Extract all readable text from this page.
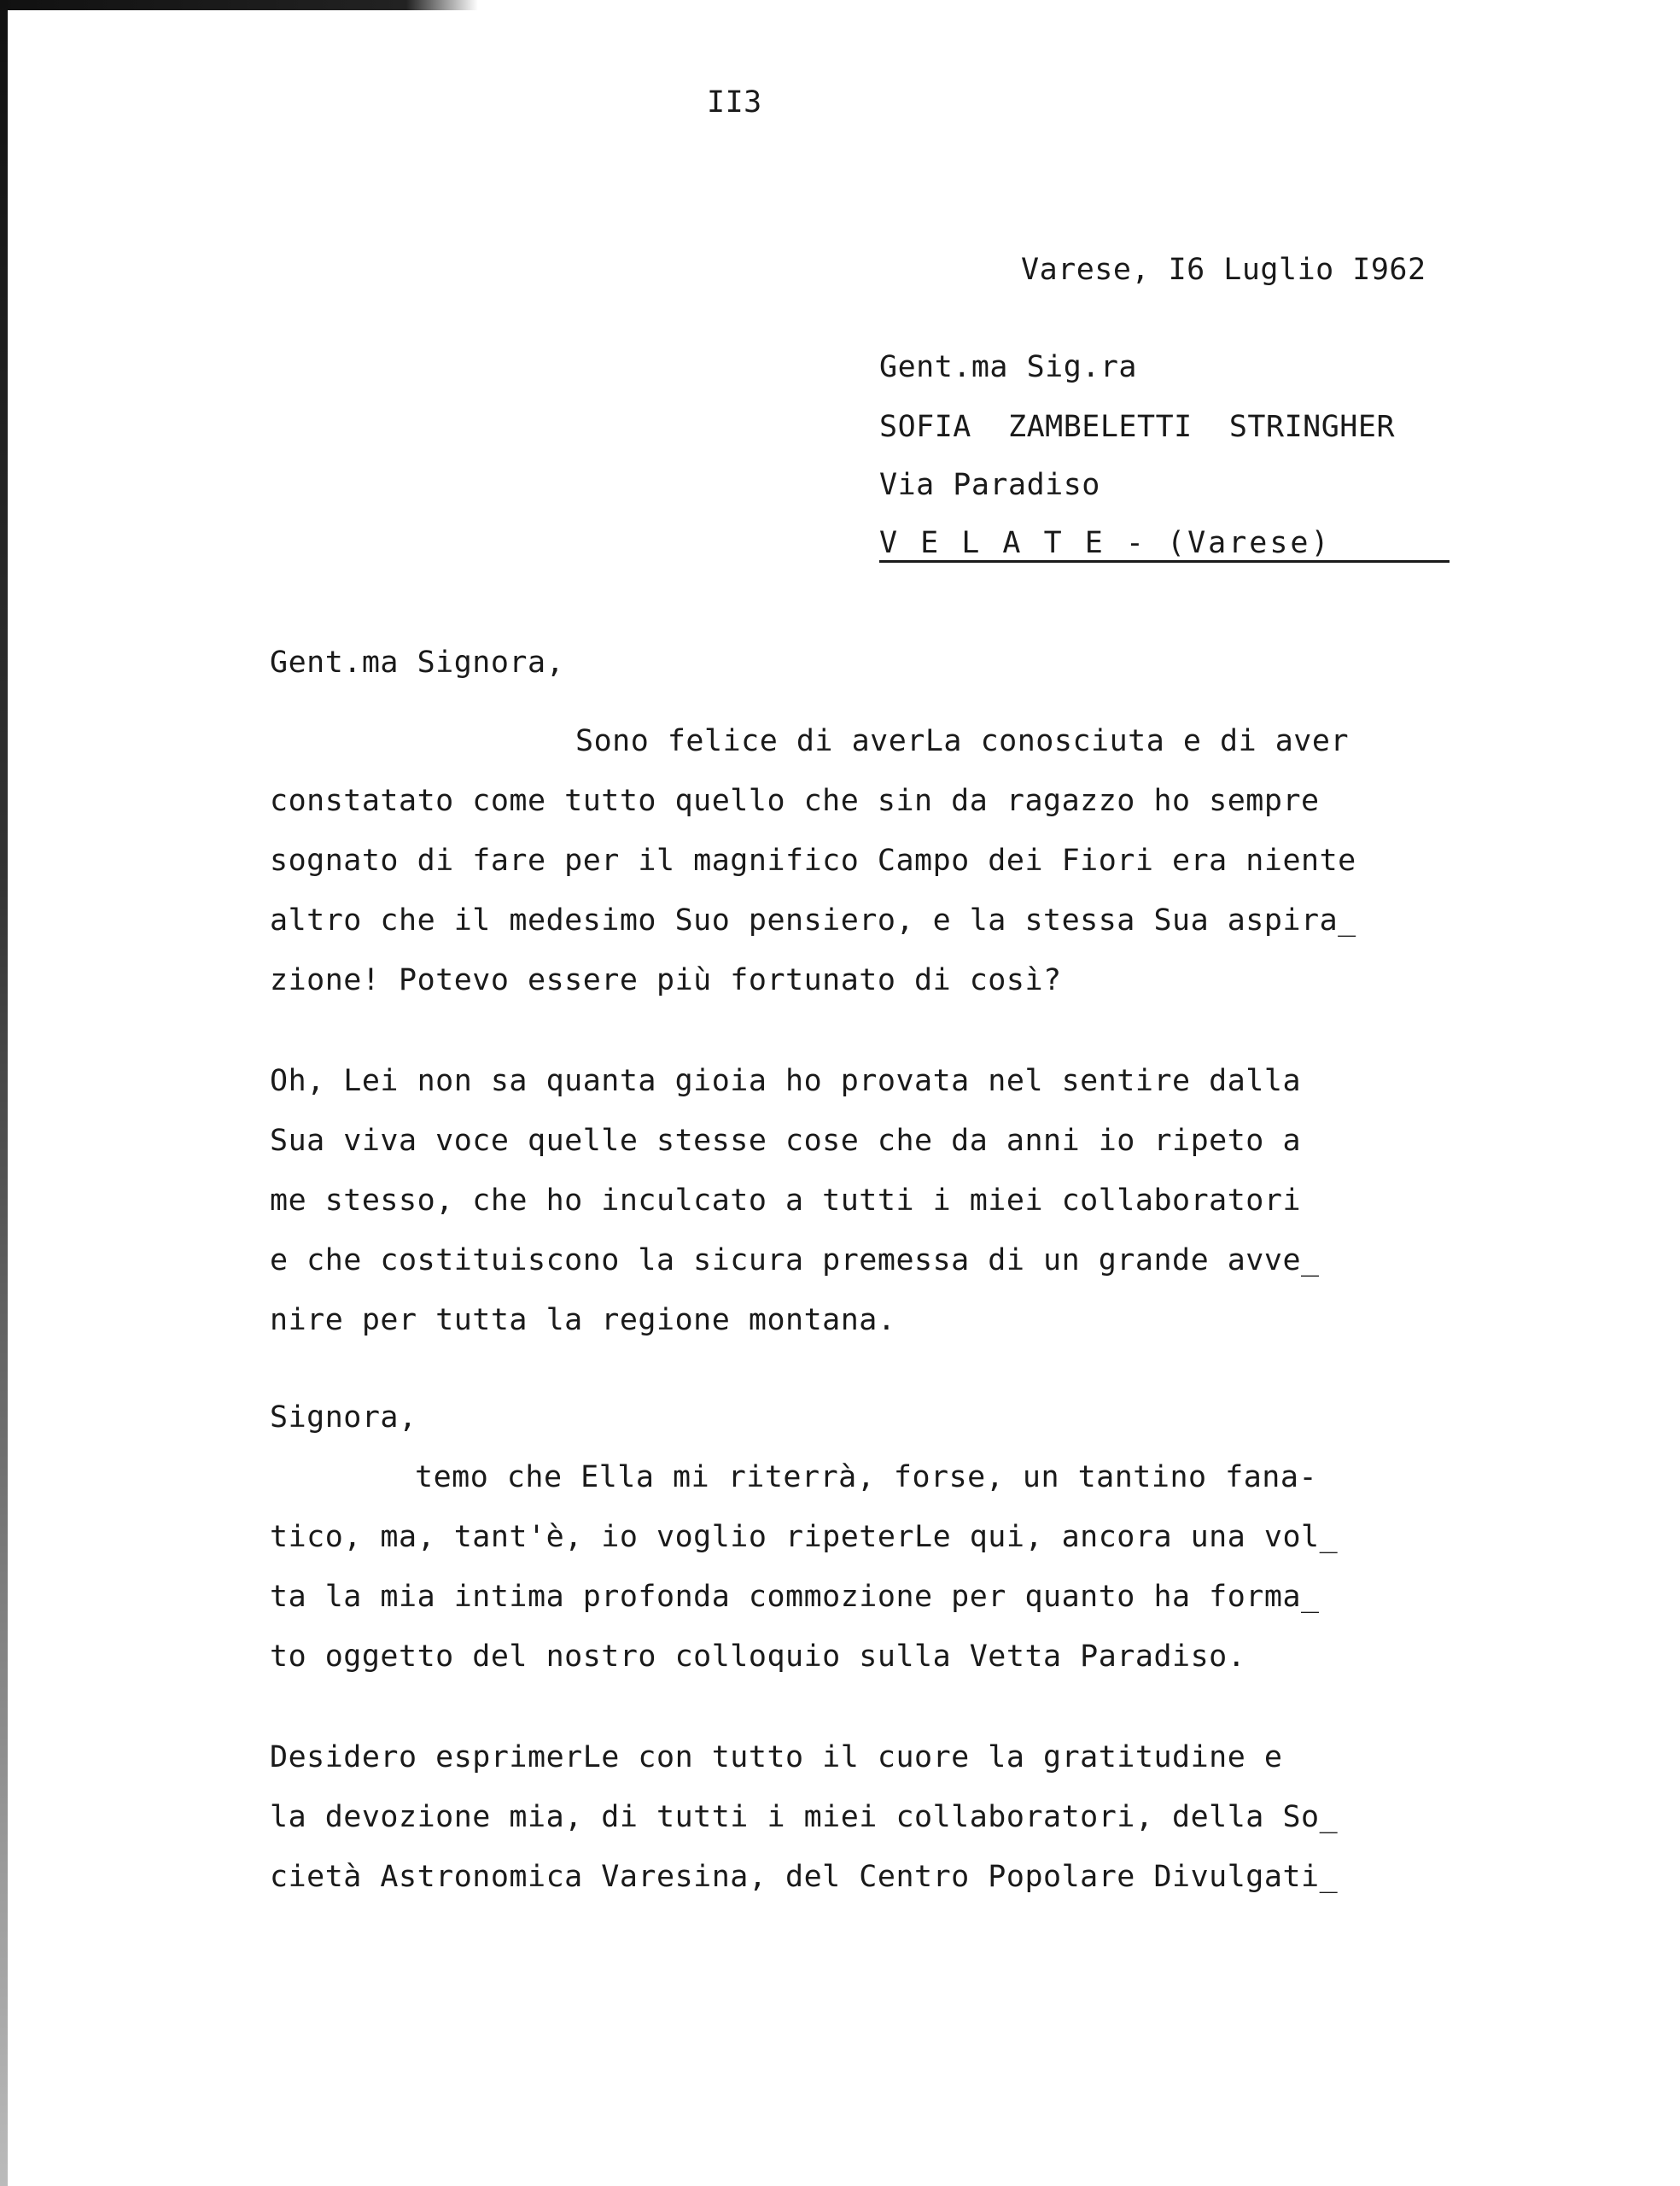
II3
Varese, I6 Luglio I962
Gent.ma Sig.ra
SOFIA  ZAMBELETTI  STRINGHER
Via Paradiso
V E L A T E - (Varese)
Gent.ma Signora,
Sono felice di averLa conosciuta e di aver
constatato come tutto quello che sin da ragazzo ho sempre
sognato di fare per il magnifico Campo dei Fiori era niente
altro che il medesimo Suo pensiero, e la stessa Sua aspira_
zione! Potevo essere più fortunato di così?
Oh, Lei non sa quanta gioia ho provata nel sentire dalla
Sua viva voce quelle stesse cose che da anni io ripeto a
me stesso, che ho inculcato a tutti i miei collaboratori
e che costituiscono la sicura premessa di un grande avve_
nire per tutta la regione montana.
Signora,
temo che Ella mi riterrà, forse, un tantino fana-
tico, ma, tant'è, io voglio ripeterLe qui, ancora una vol_
ta la mia intima profonda commozione per quanto ha forma_
to oggetto del nostro colloquio sulla Vetta Paradiso.
Desidero esprimerLe con tutto il cuore la gratitudine e
la devozione mia, di tutti i miei collaboratori, della So_
cietà Astronomica Varesina, del Centro Popolare Divulgati_
